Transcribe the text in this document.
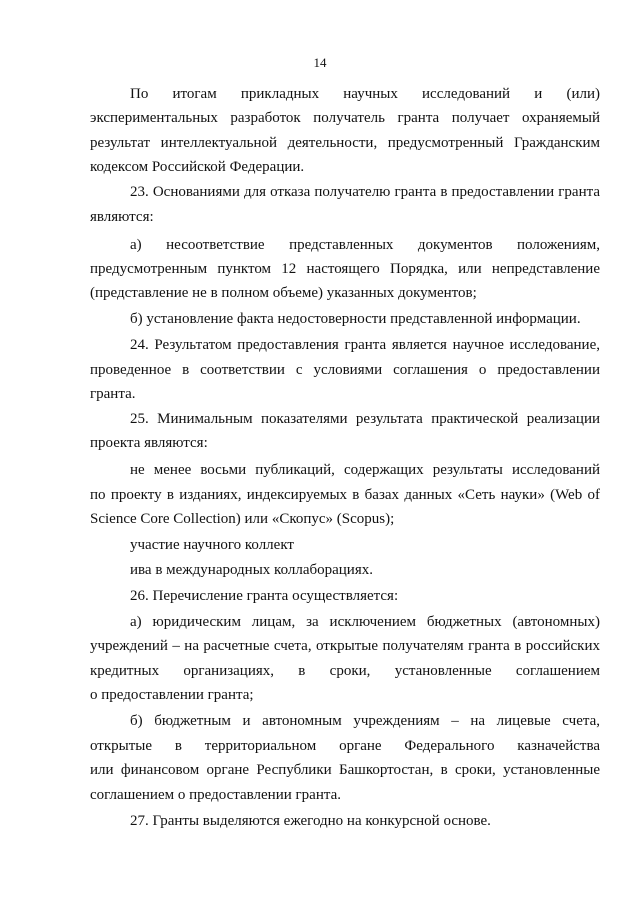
14
По итогам прикладных научных исследований и (или)
экспериментальных разработок получатель гранта получает охраняемый
результат интеллектуальной деятельности, предусмотренный Гражданским
кодексом Российской Федерации.
23. Основаниями для отказа получателю гранта в предоставлении гранта
являются:
а) несоответствие представленных документов положениям,
предусмотренным пунктом 12 настоящего Порядка, или непредставление
(представление не в полном объеме) указанных документов;
б) установление факта недостоверности представленной информации.
24. Результатом предоставления гранта является научное исследование,
проведенное в соответствии с условиями соглашения о предоставлении
гранта.
25. Минимальным показателями результата практической реализации
проекта являются:
не менее восьми публикаций, содержащих результаты исследований
по проекту в изданиях, индексируемых в базах данных «Сеть науки» (Web of
Science Core Collection) или «Скопус» (Scopus);
участие научного коллект
ива в международных коллаборациях.
26. Перечисление гранта осуществляется:
а) юридическим лицам, за исключением бюджетных (автономных)
учреждений – на расчетные счета, открытые получателям гранта в российских
кредитных организациях, в сроки, установленные соглашением
о предоставлении гранта;
б) бюджетным и автономным учреждениям – на лицевые счета,
открытые в территориальном органе Федерального казначейства
или финансовом органе Республики Башкортостан, в сроки, установленные
соглашением о предоставлении гранта.
27. Гранты выделяются ежегодно на конкурсной основе.
